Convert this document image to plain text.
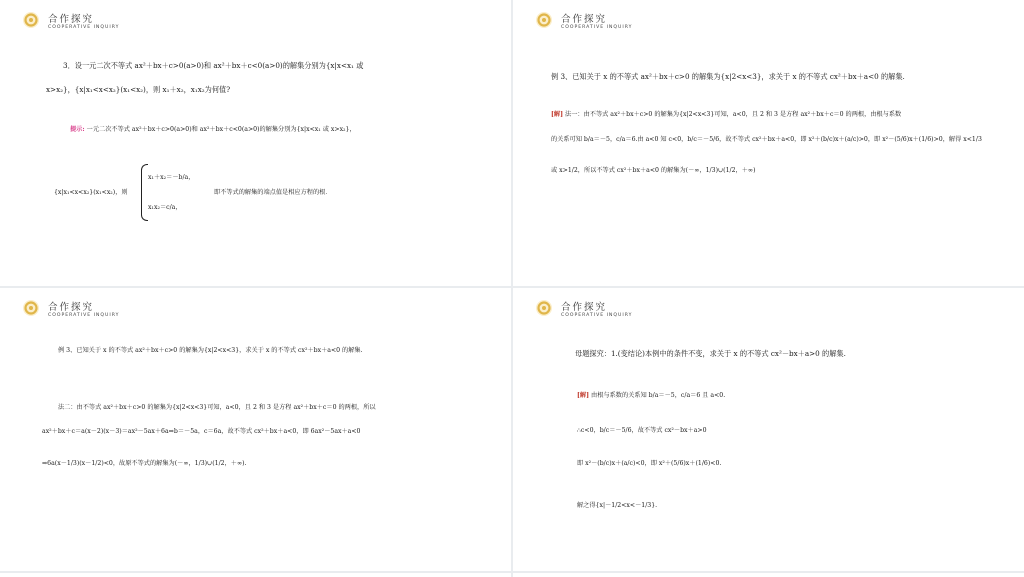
合作探究
COOPERATIVE INQUIRY
3．设一元二次不等式 ax²＋bx＋c>0(a>0)和 ax²＋bx＋c<0(a>0)的解集分别为{x|x<x₁ 或
x>x₂}，{x|x₁<x<x₂}(x₁<x₂)，则 x₁＋x₂，x₁x₂为何值?
提示: 一元二次不等式 ax²＋bx＋c>0(a>0)和 ax²＋bx＋c<0(a>0)的解集分别为{x|x<x₁ 或 x>x₂}，
{x|x₁<x<x₂}(x₁<x₂)，则
x₁＋x₂＝－b/a，
x₁x₂＝c/a，
即不等式的解集的端点值是相应方程的根．
合作探究
COOPERATIVE INQUIRY
例 3、已知关于 x 的不等式 ax²＋bx＋c>0 的解集为{x|2<x<3}，求关于 x 的不等式 cx²＋bx＋a<0 的解集.
[解] 法一：由不等式 ax²＋bx＋c>0 的解集为{x|2<x<3}可知，a<0，且 2 和 3 是方程 ax²＋bx＋c＝0 的两根，由根与系数
的关系可知 b/a＝－5，c/a＝6.由 a<0 知 c<0，b/c＝－5/6，故不等式 cx²＋bx＋a<0，即 x²＋(b/c)x＋(a/c)>0，即 x²－(5/6)x＋(1/6)>0，解得 x<1/3
或 x>1/2，所以不等式 cx²＋bx＋a<0 的解集为(－∞，1/3)∪(1/2，＋∞)
合作探究
COOPERATIVE INQUIRY
例 3、已知关于 x 的不等式 ax²＋bx＋c>0 的解集为{x|2<x<3}，求关于 x 的不等式 cx²＋bx＋a<0 的解集.
法二：由不等式 ax²＋bx＋c>0 的解集为{x|2<x<3}可知，a<0，且 2 和 3 是方程 ax²＋bx＋c＝0 的两根，所以
ax²＋bx＋c＝a(x－2)(x－3)＝ax²－5ax＋6a⇒b＝－5a，c＝6a，故不等式 cx²＋bx＋a<0，即 6ax²－5ax＋a<0
⇒6a(x－1/3)(x－1/2)<0，故原不等式的解集为(－∞，1/3)∪(1/2，＋∞).
合作探究
COOPERATIVE INQUIRY
母题探究：1.(变结论)本例中的条件不变，求关于 x 的不等式 cx²－bx＋a>0 的解集.
[解] 由根与系数的关系知 b/a＝－5，c/a＝6 且 a<0.
∴c<0，b/c＝－5/6，故不等式 cx²－bx＋a>0
即 x²－(b/c)x＋(a/c)<0，即 x²＋(5/6)x＋(1/6)<0.
解之得{x|－1/2<x<－1/3}.
